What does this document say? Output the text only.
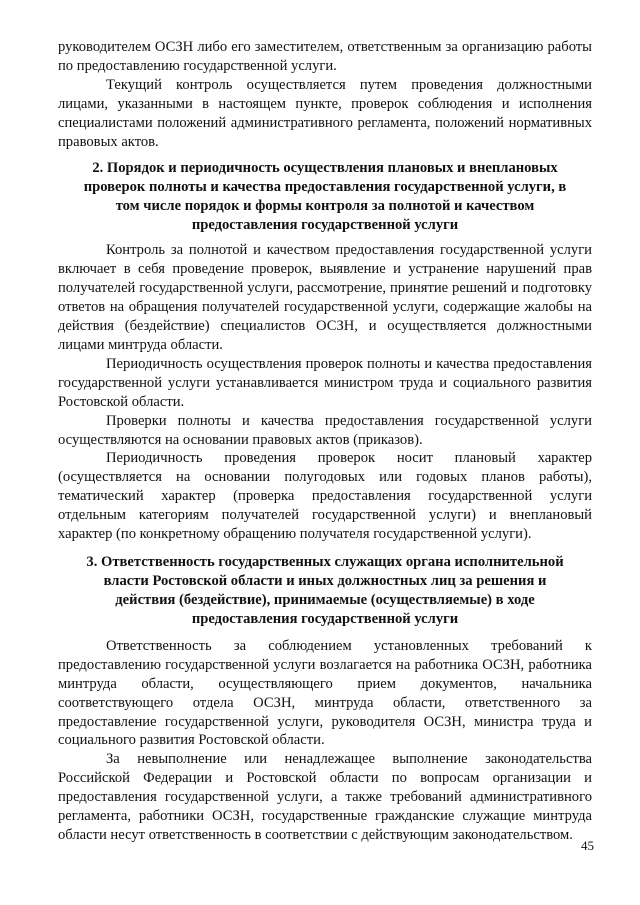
руководителем ОСЗН либо его заместителем, ответственным за организацию работы по предоставлению государственной услуги.

Текущий контроль осуществляется путем проведения должностными лицами, указанными в настоящем пункте, проверок соблюдения и исполнения специалистами положений административного регламента, положений нормативных правовых актов.

2. Порядок и периодичность осуществления плановых и внеплановых проверок полноты и качества предоставления государственной услуги, в том числе порядок и формы контроля за полнотой и качеством предоставления государственной услуги

Контроль за полнотой и качеством предоставления государственной услуги включает в себя проведение проверок, выявление и устранение нарушений прав получателей государственной услуги, рассмотрение, принятие решений и подготовку ответов на обращения получателей государственной услуги, содержащие жалобы на действия (бездействие) специалистов ОСЗН, и осуществляется должностными лицами минтруда области.

Периодичность осуществления проверок полноты и качества предоставления государственной услуги устанавливается министром труда и социального развития Ростовской области.

Проверки полноты и качества предоставления государственной услуги осуществляются на основании правовых актов (приказов).

Периодичность проведения проверок носит плановый характер (осуществляется на основании полугодовых или годовых планов работы), тематический характер (проверка предоставления государственной услуги отдельным категориям получателей государственной услуги) и внеплановый характер (по конкретному обращению получателя государственной услуги).

3. Ответственность государственных служащих органа исполнительной власти Ростовской области и иных должностных лиц за решения и действия (бездействие), принимаемые (осуществляемые) в ходе предоставления государственной услуги

Ответственность за соблюдением установленных требований к предоставлению государственной услуги возлагается на работника ОСЗН, работника минтруда области, осуществляющего прием документов, начальника соответствующего отдела ОСЗН, минтруда области, ответственного за предоставление государственной услуги, руководителя ОСЗН, министра труда и социального развития Ростовской области.

За невыполнение или ненадлежащее выполнение законодательства Российской Федерации и Ростовской области по вопросам организации и предоставления государственной услуги, а также требований административного регламента, работники ОСЗН, государственные гражданские служащие минтруда области несут ответственность в соответствии с действующим законодательством.

45
